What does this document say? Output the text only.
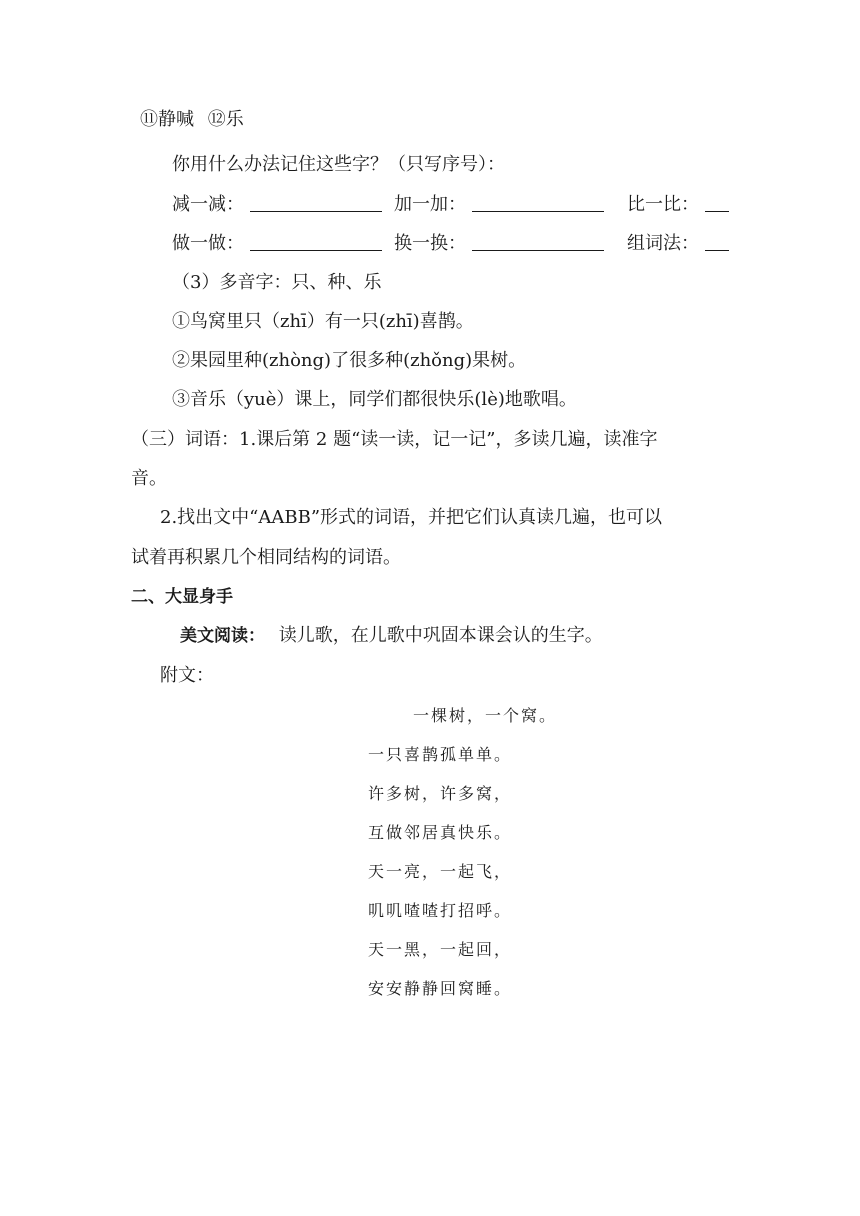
⑪静喊 ⑫乐
你用什么办法记住这些字？（只写序号）：
减一减：	加一加：	比一比：
做一做：	换一换：	组词法：
（3）多音字：只、种、乐
①鸟窝里只（zhī）有一只(zhī)喜鹊。
②果园里种(zhòng)了很多种(zhǒng)果树。
③音乐（yuè）课上，同学们都很快乐(lè)地歌唱。
（三）词语：1.课后第 2 题“读一读，记一记”，多读几遍，读准字
音。
2.找出文中“AABB”形式的词语，并把它们认真读几遍，也可以
试着再积累几个相同结构的词语。
二、大显身手
美文阅读： 读儿歌，在儿歌中巩固本课会认的生字。
附文：
一棵树，一个窝。
一只喜鹊孤单单。
许多树，许多窝，
互做邻居真快乐。
天一亮，一起飞，
叽叽喳喳打招呼。
天一黑，一起回，
安安静静回窝睡。
